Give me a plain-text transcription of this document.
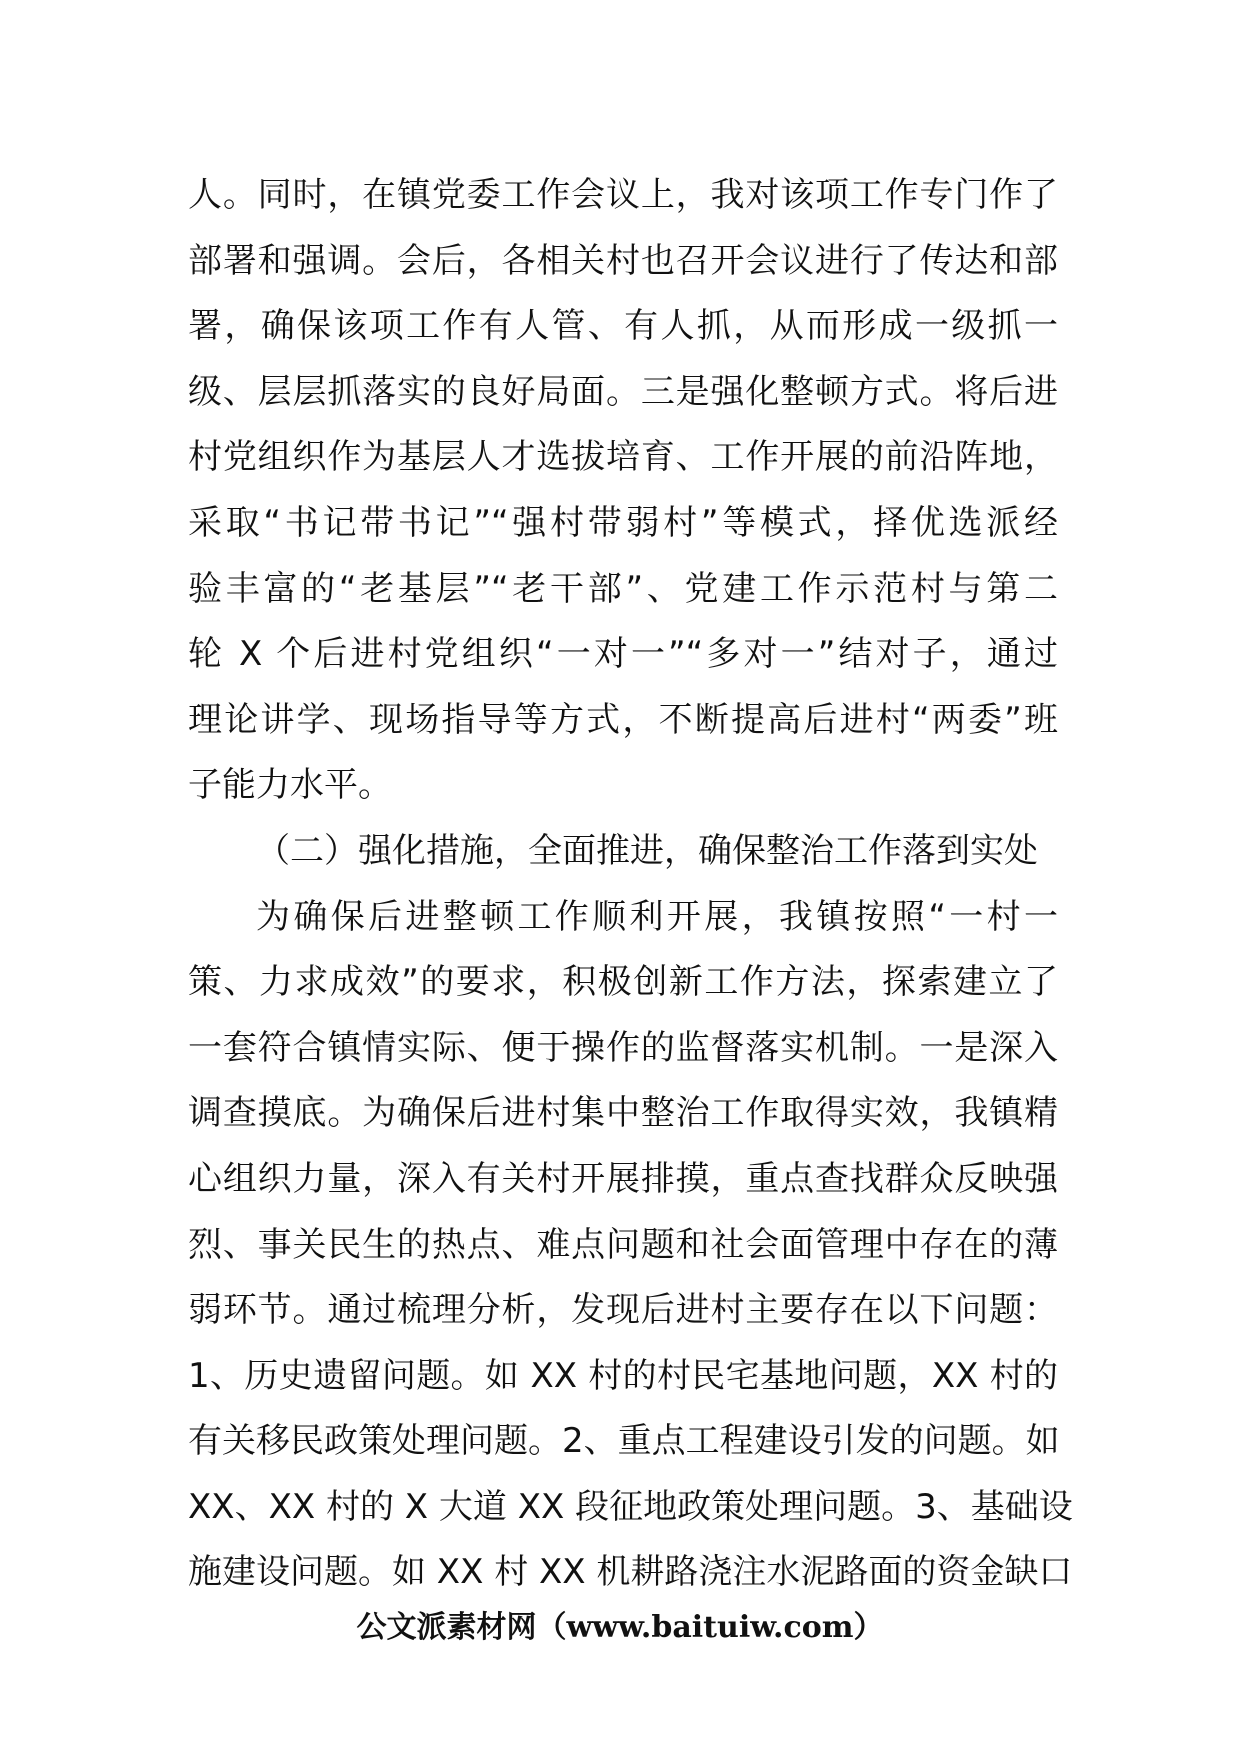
人。同时，在镇党委工作会议上，我对该项工作专门作了

部署和强调。会后，各相关村也召开会议进行了传达和部

署，确保该项工作有人管、有人抓，从而形成一级抓一

级、层层抓落实的良好局面。三是强化整顿方式。将后进

村党组织作为基层人才选拔培育、工作开展的前沿阵地，

采取“书记带书记”“强村带弱村”等模式，择优选派经

验丰富的“老基层”“老干部”、党建工作示范村与第二

轮 X 个后进村党组织“一对一”“多对一”结对子，通过

理论讲学、现场指导等方式，不断提高后进村“两委”班

子能力水平。

（二）强化措施，全面推进，确保整治工作落到实处

为确保后进整顿工作顺利开展，我镇按照“一村一

策、力求成效”的要求，积极创新工作方法，探索建立了

一套符合镇情实际、便于操作的监督落实机制。一是深入

调查摸底。为确保后进村集中整治工作取得实效，我镇精

心组织力量，深入有关村开展排摸，重点查找群众反映强

烈、事关民生的热点、难点问题和社会面管理中存在的薄

弱环节。通过梳理分析，发现后进村主要存在以下问题：

1、历史遗留问题。如 XX 村的村民宅基地问题，XX 村的

有关移民政策处理问题。2、重点工程建设引发的问题。如

XX、XX 村的 X 大道 XX 段征地政策处理问题。3、基础设

施建设问题。如 XX 村 XX 机耕路浇注水泥路面的资金缺口

公文派素材网（www.baituiw.com）
